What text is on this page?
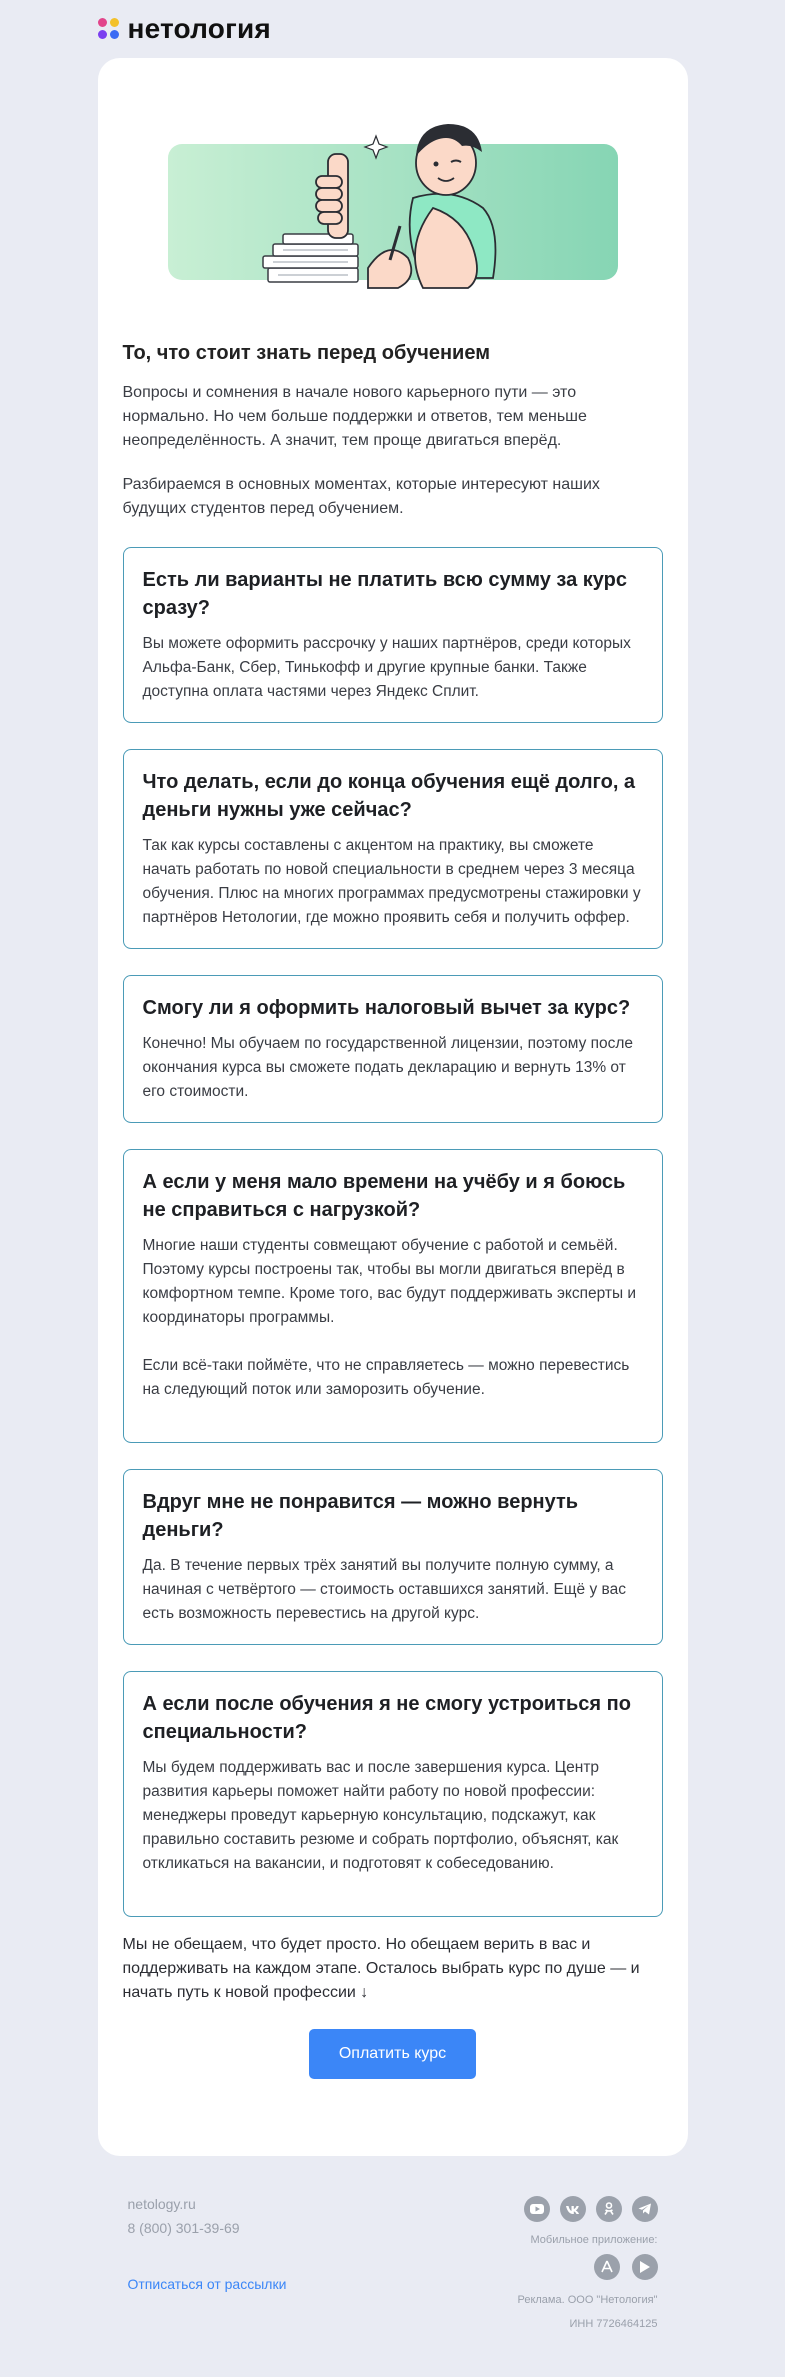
нетология
То, что стоит знать перед обучением

Вопросы и сомнения в начале нового карьерного пути — это нормально. Но чем больше поддержки и ответов, тем меньше неопределённость. А значит, тем проще двигаться вперёд.

Разбираемся в основных моментах, которые интересуют наших будущих студентов перед обучением.

Есть ли варианты не платить всю сумму за курс сразу?

Вы можете оформить рассрочку у наших партнёров, среди которых Альфа-Банк, Сбер, Тинькофф и другие крупные банки. Также доступна оплата частями через Яндекс Сплит.

Что делать, если до конца обучения ещё долго, а деньги нужны уже сейчас?

Так как курсы составлены с акцентом на практику, вы сможете начать работать по новой специальности в среднем через 3 месяца обучения. Плюс на многих программах предусмотрены стажировки у партнёров Нетологии, где можно проявить себя и получить оффер.

Смогу ли я оформить налоговый вычет за курс?

Конечно! Мы обучаем по государственной лицензии, поэтому после окончания курса вы сможете подать декларацию и вернуть 13% от его стоимости.

А если у меня мало времени на учёбу и я боюсь не справиться с нагрузкой?

Многие наши студенты совмещают обучение с работой и семьёй. Поэтому курсы построены так, чтобы вы могли двигаться вперёд в комфортном темпе. Кроме того, вас будут поддерживать эксперты и координаторы программы.

Если всё-таки поймёте, что не справляетесь — можно перевестись на следующий поток или заморозить обучение.

Вдруг мне не понравится — можно вернуть деньги?

Да. В течение первых трёх занятий вы получите полную сумму, а начиная с четвёртого — стоимость оставшихся занятий. Ещё у вас есть возможность перевестись на другой курс.

А если после обучения я не смогу устроиться по специальности?

Мы будем поддерживать вас и после завершения курса. Центр развития карьеры поможет найти работу по новой профессии: менеджеры проведут карьерную консультацию, подскажут, как правильно составить резюме и собрать портфолио, объяснят, как откликаться на вакансии, и подготовят к собеседованию.

Мы не обещаем, что будет просто. Но обещаем верить в вас и поддерживать на каждом этапе. Осталось выбрать курс по душе — и начать путь к новой профессии ↓

Оплатить курс
netology.ru
8 (800) 301-39-69
Отписаться от рассылки
Мобильное приложение:
Реклама. ООО "Нетология"
ИНН 7726464125
